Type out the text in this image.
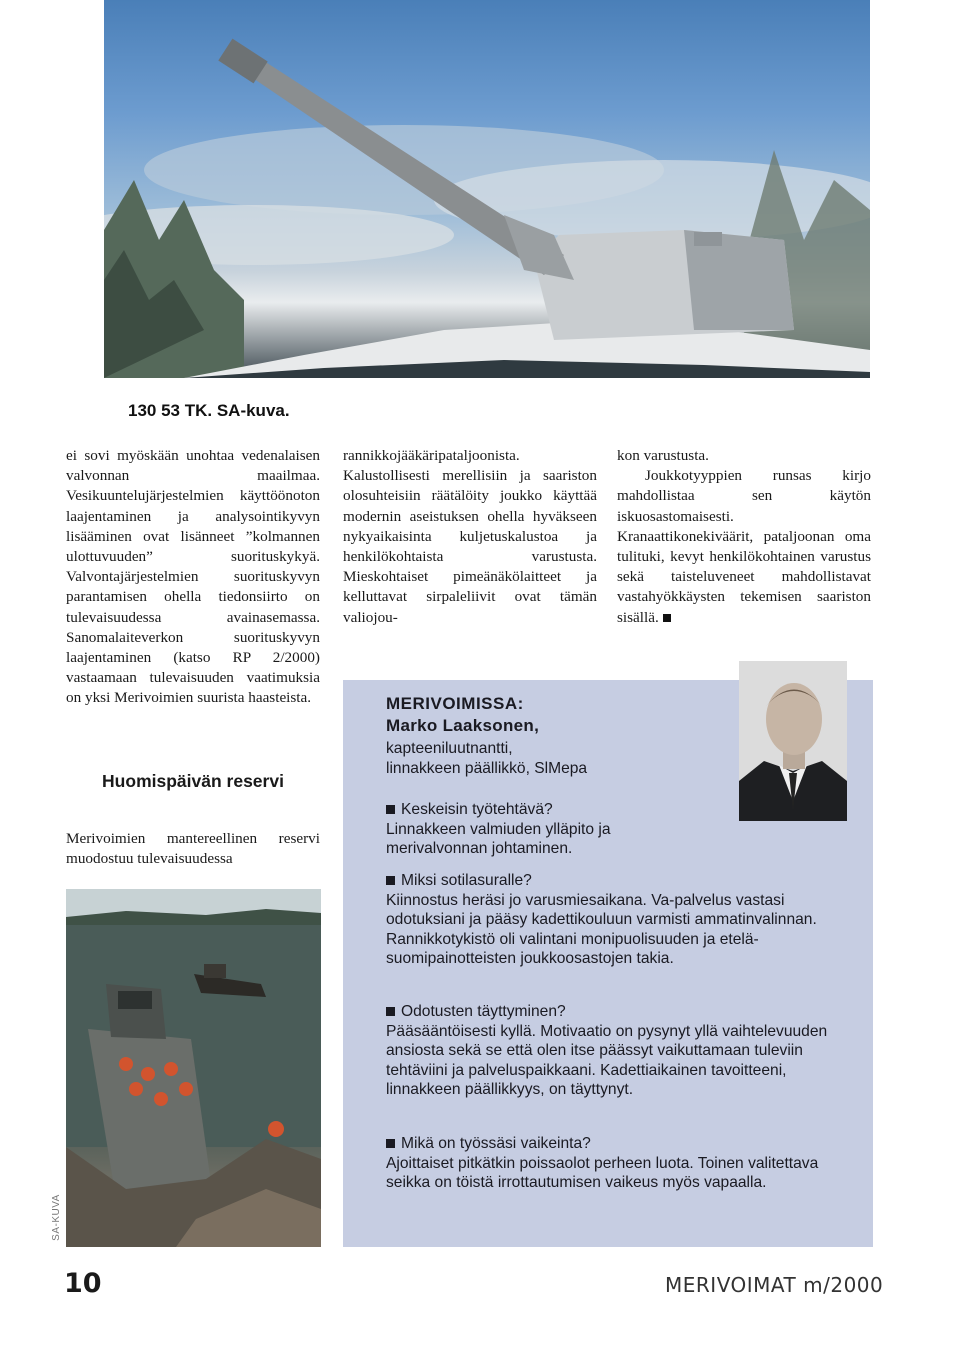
130 53 TK. SA-kuva.

ei sovi myöskään unohtaa vedenalaisen valvonnan maailmaa. Vesikuuntelujärjestelmien käyttöönoton laajentaminen ja analysointikyvyn lisääminen ovat lisänneet ”kolmannen ulottuvuuden” suorituskykyä. Valvontajärjestelmien suorituskyvyn parantamisen ohella tiedonsiirto on tulevaisuudessa avainasemassa. Sanomalaiteverkon suorituskyvyn laajentaminen (katso RP 2/2000) vastaamaan tulevaisuuden vaatimuksia on yksi Merivoimien suurista haasteista.

Huomispäivän reservi

Merivoimien mantereellinen reservi muodostuu tulevaisuudessa

rannikkojääkäripataljoonista. Kalustollisesti merellisiin ja saariston olosuhteisiin räätälöity joukko käyttää modernin aseistuksen ohella hyväkseen nykyaikaisinta kuljetuskalustoa ja henkilökohtaista varustusta. Mieskohtaiset pimeänäkölaitteet ja kelluttavat sirpaleliivit ovat tämän valiojou-

kon varustusta.

Joukkotyyppien runsas kirjo mahdollistaa sen käytön iskuosastomaisesti. Kranaattikonekiväärit, pataljoonan oma tulituki, kevyt henkilökohtainen varustus sekä taisteluveneet mahdollistavat vastahyökkäysten tekemisen saariston sisällä.

SA-KUVA
MERIVOIMISSA:
Marko Laaksonen,
kapteeniluutnantti,
linnakkeen päällikkö, SlMepa
Keskeisin työtehtävä?
Linnakkeen valmiuden ylläpito ja merivalvonnan johtaminen.
Miksi sotilasuralle?
Kiinnostus heräsi jo varusmiesaikana. Va-palvelus vastasi odotuksiani ja pääsy kadettikouluun varmisti ammatinvalinnan. Rannikkotykistö oli valintani monipuolisuuden ja etelä-suomipainotteisten joukkoosastojen takia.
Odotusten täyttyminen?
Pääsääntöisesti kyllä. Motivaatio on pysynyt yllä vaihtelevuuden ansiosta sekä se että olen itse päässyt vaikuttamaan tuleviin tehtäviini ja palveluspaikkaani. Kadettiaikainen tavoitteeni, linnakkeen päällikkyys, on täyttynyt.
Mikä on työssäsi vaikeinta?
Ajoittaiset pitkätkin poissaolot perheen luota. Toinen valitettava seikka on töistä irrottautumisen vaikeus myös vapaalla.
10	MERIVOIMAT m/2000
